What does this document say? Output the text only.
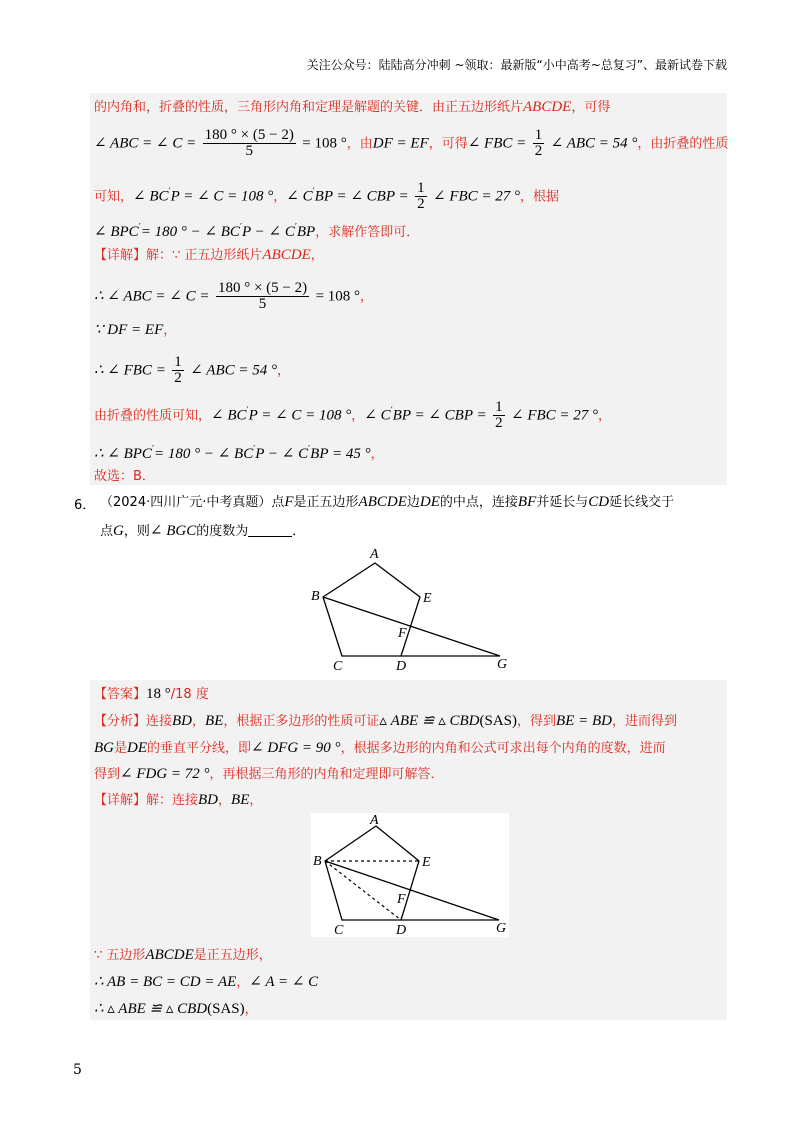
关注公众号：陆陆高分冲刺 ~领取：最新版“小中高考~总复习”、最新试卷下载
的内角和，折叠的性质，三角形内角和定理是解题的关键．由正五边形纸片ABCDE，可得
∠ ABC = ∠ $C = \frac{180 ^\circ \times (5 - 2)}{5} = 108$ °，由DF = EF，可得∠ FBC = $\frac{1}{2}$ ∠ ABC = 54 °，由折叠的性质
可知，∠ BC′P = ∠ C = 108 °，∠ C′BP = ∠ CBP = $\frac{1}{2}$ ∠ FBC = 27 °，根据
∠ BPC′= 180 ° − ∠ BC′P − ∠ C′BP，求解作答即可．
【详解】解：∵ 正五边形纸片ABCDE，
∴ ∠ ABC = ∠ $C = \frac{180 ^\circ \times (5 - 2)}{5} = 108$ °，
∵ DF = EF，
∴ ∠ FBC = $\frac{1}{2}$ ∠ ABC = 54 °，
由折叠的性质可知，∠ BC′P = ∠ C = 108 °，∠ C′BP = ∠ CBP = $\frac{1}{2}$ ∠ FBC = 27 °，
∴ ∠ BPC′= 180 ° − ∠ BC′P − ∠ C′BP = 45 °，
故选：B．
6． （2024·四川广元·中考真题）点F是正五边形ABCDE边DE的中点，连接BF并延长与CD延长线交于
点G，则∠ BGC的度数为	．
A
B	E
F
C	D	G
【答案】18 °/18 度
【分析】连接BD，BE，根据正多边形的性质可证▵ ABE ≌ ▵ CBD(SAS)，得到BE = BD，进而得到
BG是DE的垂直平分线，即∠ DFG = 90 °，根据多边形的内角和公式可求出每个内角的度数，进而
得到∠ FDG = 72 °，再根据三角形的内角和定理即可解答．
【详解】解：连接BD，BE，
A
B	E
F
C	D	G
∵ 五边形ABCDE是正五边形，
∴ AB = BC = CD = AE，∠ A = ∠ C
∴ ▵ ABE ≌ ▵ CBD(SAS)，
5
